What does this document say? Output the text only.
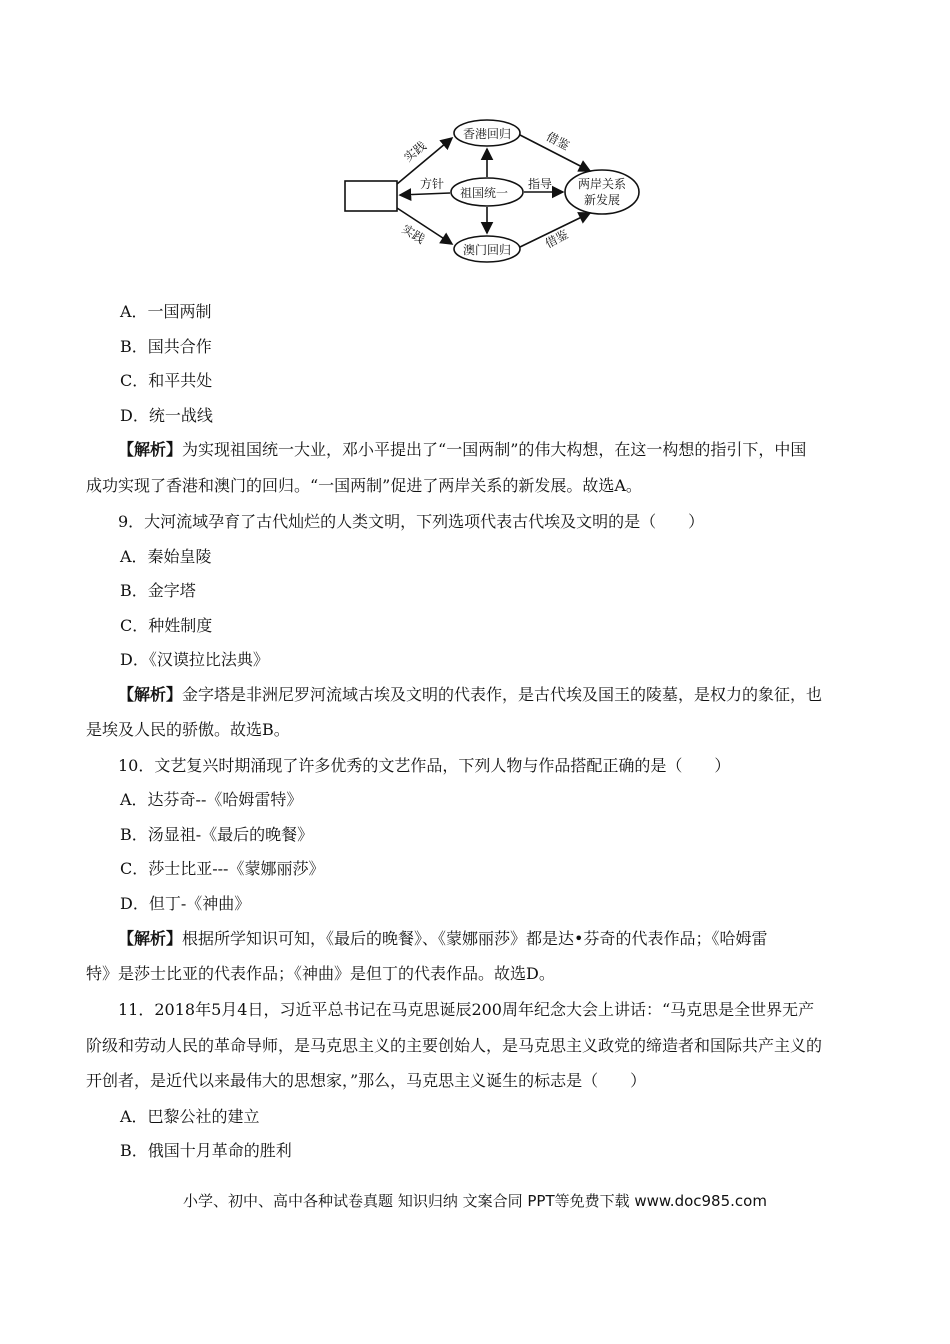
香港回归
祖国统一
澳门回归
两岸关系
新发展
实践
实践
方针	指导
借鉴
借鉴
A．一国两制
B．国共合作
C．和平共处
D．统一战线
【解析】为实现祖国统一大业，邓小平提出了“一国两制”的伟大构想，在这一构想的指引下，中国
成功实现了香港和澳门的回归。“一国两制”促进了两岸关系的新发展。故选A。
9．大河流域孕育了古代灿烂的人类文明，下列选项代表古代埃及文明的是（　　）
A．秦始皇陵
B．金字塔
C．种姓制度
D．《汉谟拉比法典》
【解析】金字塔是非洲尼罗河流域古埃及文明的代表作，是古代埃及国王的陵墓，是权力的象征，也
是埃及人民的骄傲。故选B。
10．文艺复兴时期涌现了许多优秀的文艺作品，下列人物与作品搭配正确的是（　　）
A．达芬奇--《哈姆雷特》
B．汤显祖-《最后的晚餐》
C．莎士比亚---《蒙娜丽莎》
D．但丁-《神曲》
【解析】根据所学知识可知，《最后的晚餐》、《蒙娜丽莎》都是达•芬奇的代表作品；《哈姆雷
特》是莎士比亚的代表作品；《神曲》是但丁的代表作品。故选D。
11．2018年5月4日，习近平总书记在马克思诞辰200周年纪念大会上讲话：“马克思是全世界无产
阶级和劳动人民的革命导师，是马克思主义的主要创始人，是马克思主义政党的缔造者和国际共产主义的
开创者，是近代以来最伟大的思想家，”那么，马克思主义诞生的标志是（　　）
A．巴黎公社的建立
B．俄国十月革命的胜利
小学、初中、高中各种试卷真题 知识归纳 文案合同 PPT等免费下载 www.doc985.com
